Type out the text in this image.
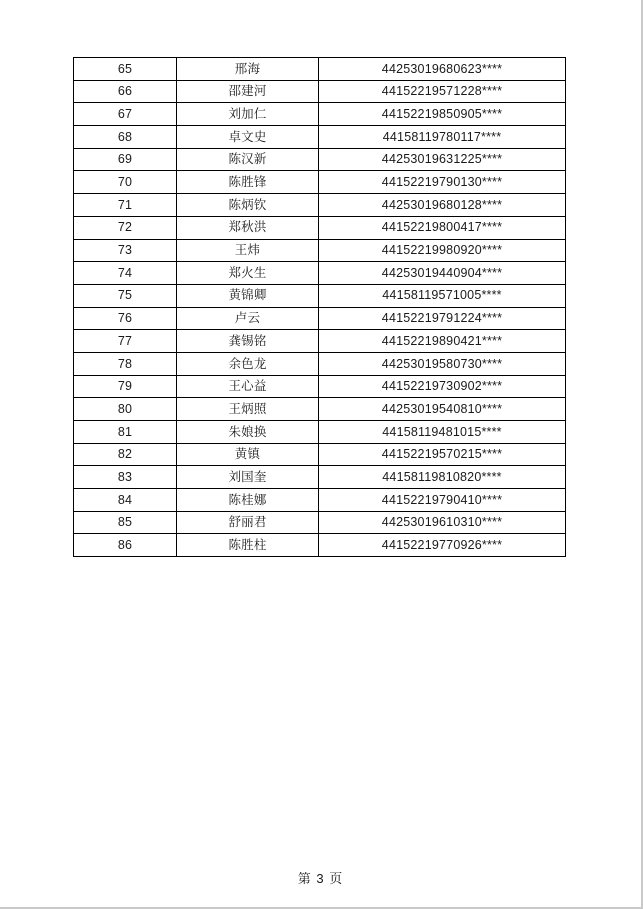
65	邢海	44253019680623****
66	邵建河	44152219571228****
67	刘加仁	44152219850905****
68	卓文史	44158119780117****
69	陈汉新	44253019631225****
70	陈胜锋	44152219790130****
71	陈炳钦	44253019680128****
72	郑秋洪	44152219800417****
73	王炜	44152219980920****
74	郑火生	44253019440904****
75	黄锦卿	44158119571005****
76	卢云	44152219791224****
77	龚锡铭	44152219890421****
78	余色龙	44253019580730****
79	王心益	44152219730902****
80	王炳照	44253019540810****
81	朱娘换	44158119481015****
82	黄镇	44152219570215****
83	刘国奎	44158119810820****
84	陈桂娜	44152219790410****
85	舒丽君	44253019610310****
86	陈胜柱	44152219770926****
第 3 页
